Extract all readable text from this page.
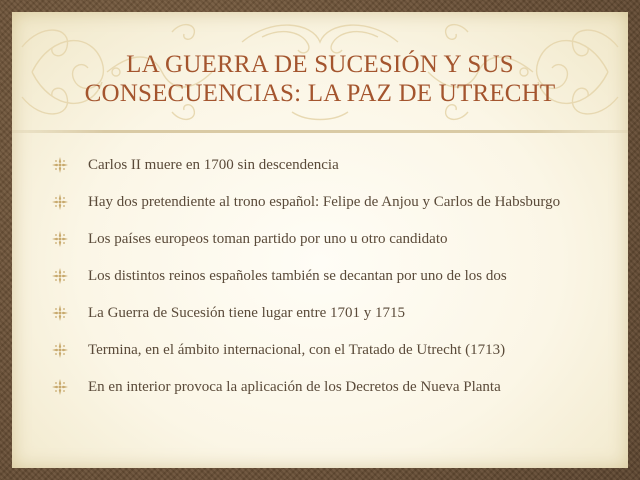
LA GUERRA DE SUCESIÓN Y SUS
CONSECUENCIAS: LA PAZ DE UTRECHT
Carlos II muere en 1700 sin descendencia
Hay dos pretendiente al trono español: Felipe de Anjou y Carlos de Habsburgo
Los países europeos toman partido por uno u otro candidato
Los distintos reinos españoles también se decantan por uno de los dos
La Guerra de Sucesión tiene lugar entre 1701 y 1715
Termina, en el ámbito internacional, con el Tratado de Utrecht (1713)
En en interior provoca la aplicación de los Decretos de Nueva Planta
